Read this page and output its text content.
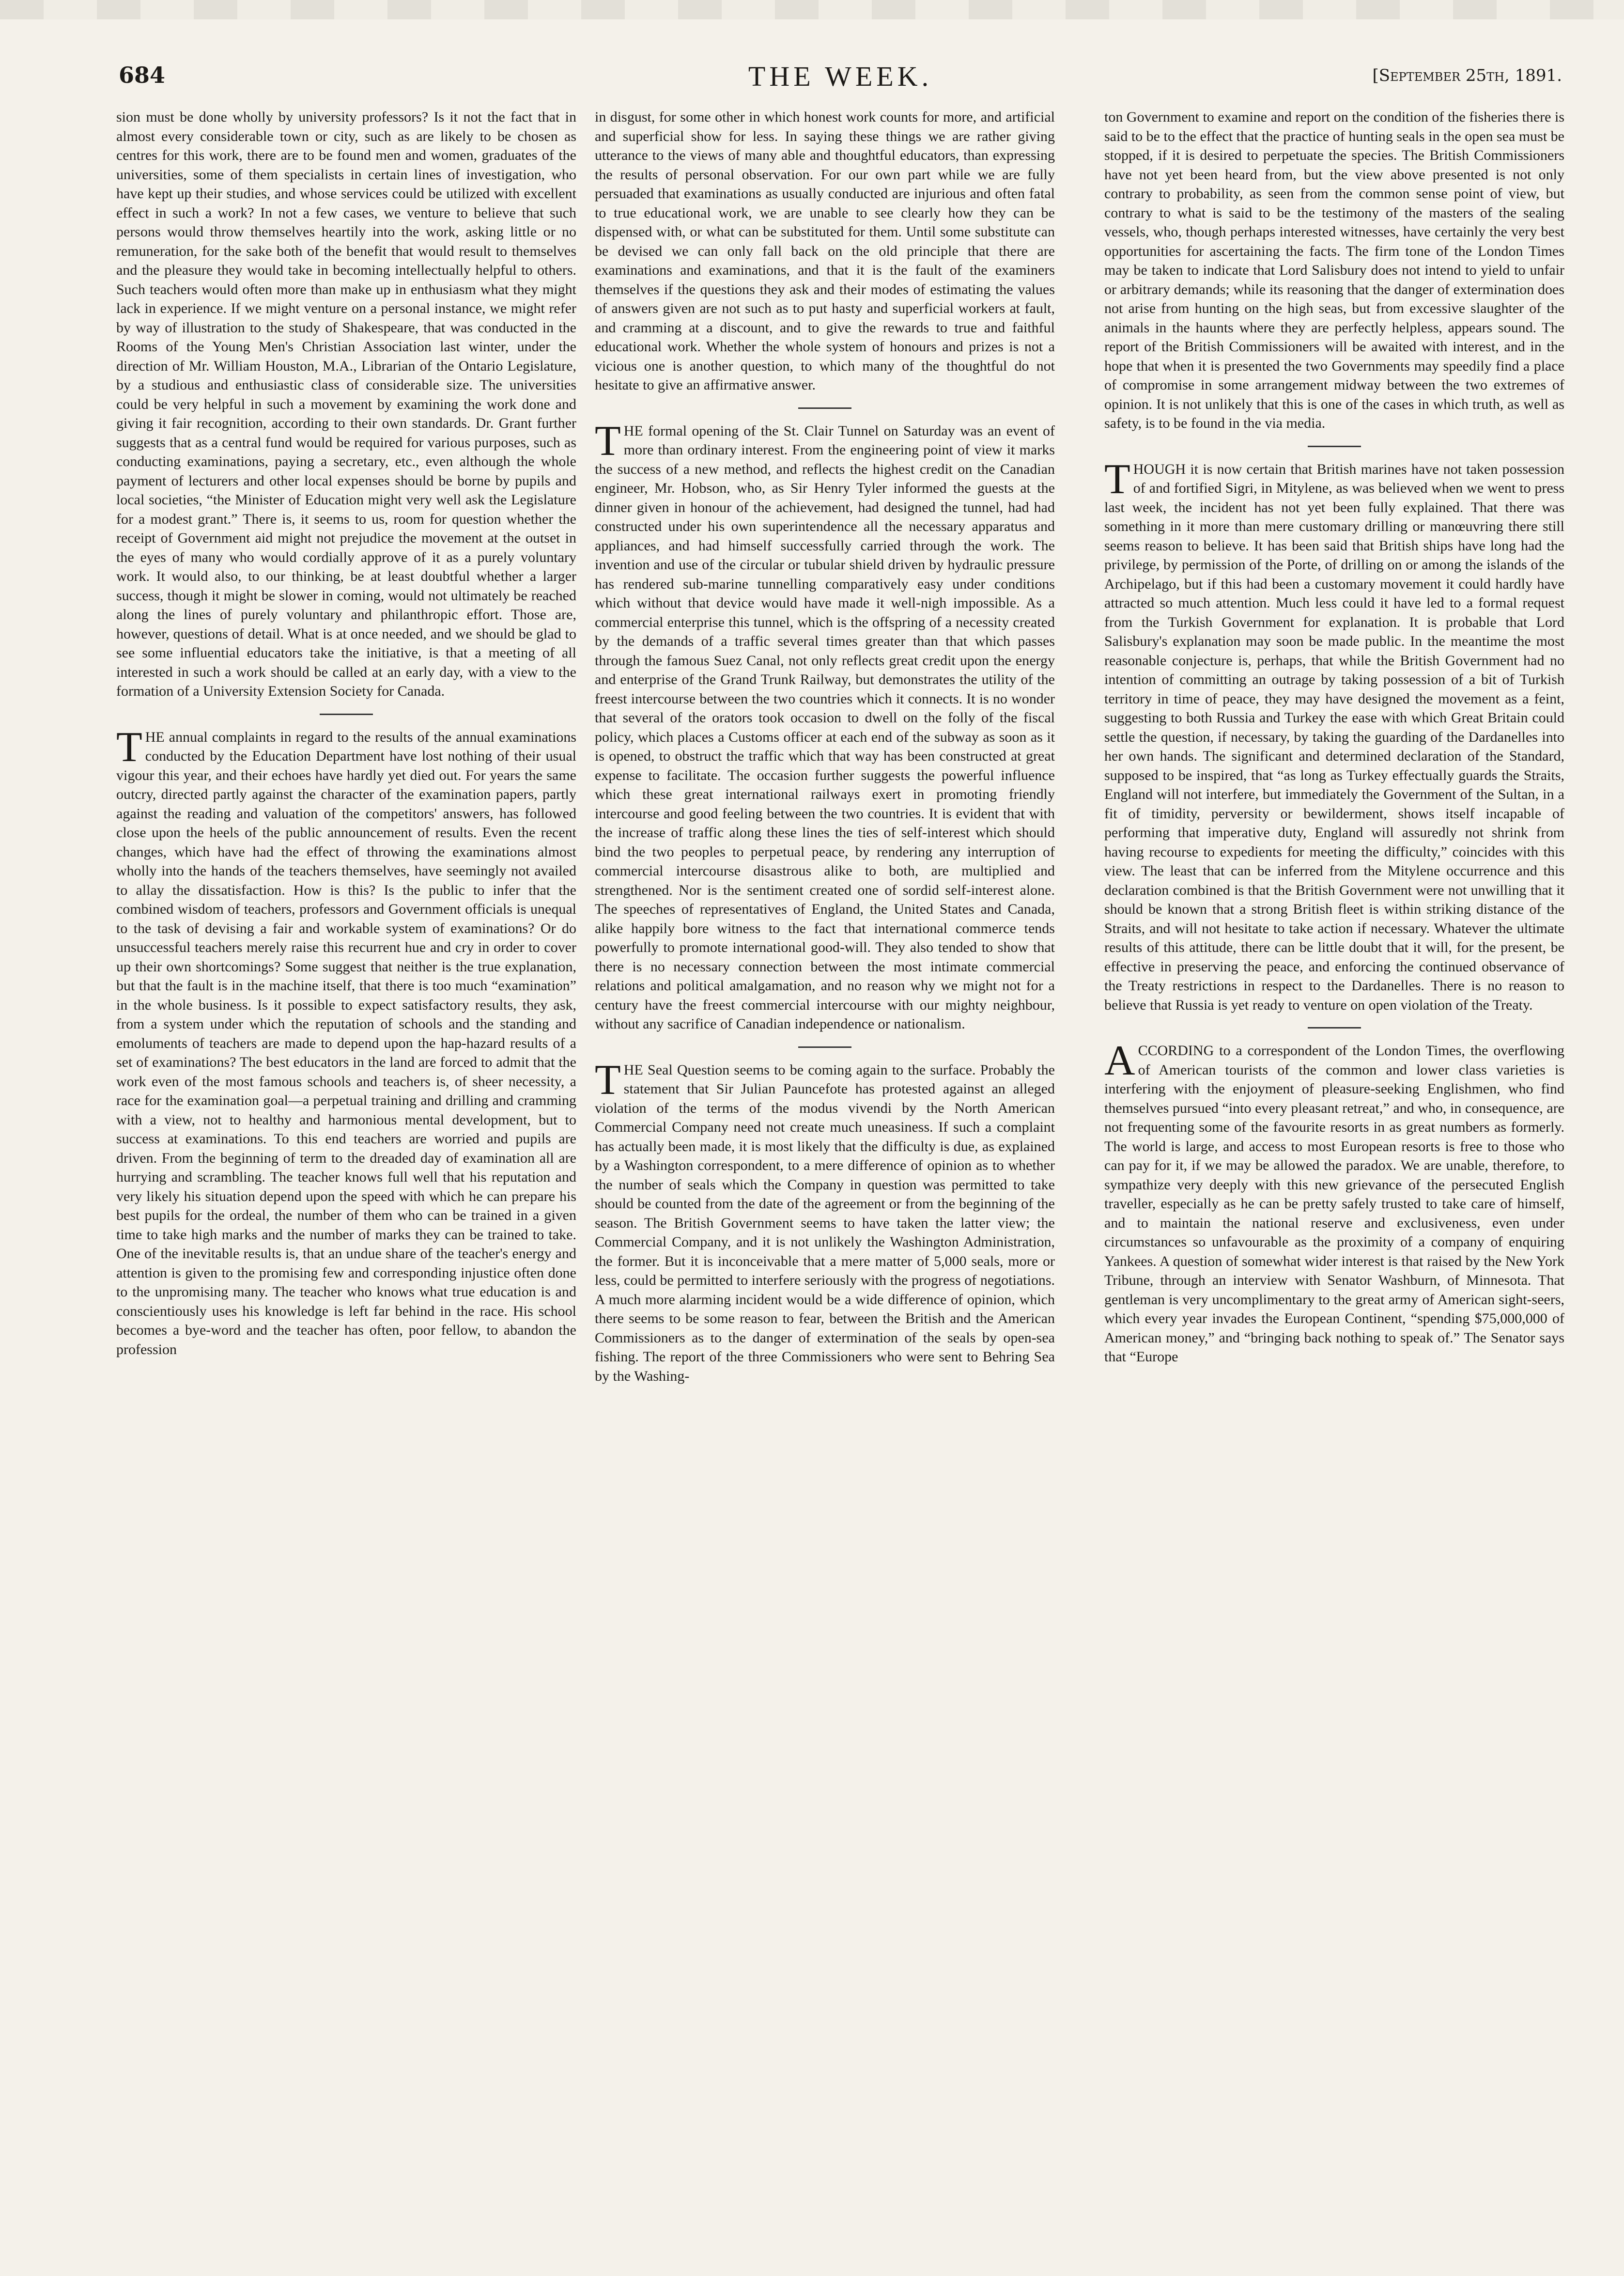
684	THE WEEK.	[September 25th, 1891.

sion must be done wholly by university professors? Is it not the fact that in almost every considerable town or city, such as are likely to be chosen as centres for this work, there are to be found men and women, graduates of the universities, some of them specialists in certain lines of investigation, who have kept up their studies, and whose services could be utilized with excellent effect in such a work? In not a few cases, we venture to believe that such persons would throw themselves heartily into the work, asking little or no remuneration, for the sake both of the benefit that would result to themselves and the pleasure they would take in becoming intellectually helpful to others. Such teachers would often more than make up in enthusiasm what they might lack in experience. If we might venture on a personal instance, we might refer by way of illustration to the study of Shakespeare, that was conducted in the Rooms of the Young Men's Christian Association last winter, under the direction of Mr. William Houston, M.A., Librarian of the Ontario Legislature, by a studious and enthusiastic class of considerable size. The universities could be very helpful in such a movement by examining the work done and giving it fair recognition, according to their own standards. Dr. Grant further suggests that as a central fund would be required for various purposes, such as conducting examinations, paying a secretary, etc., even although the whole payment of lecturers and other local expenses should be borne by pupils and local societies, “the Minister of Education might very well ask the Legislature for a modest grant.” There is, it seems to us, room for question whether the receipt of Government aid might not prejudice the movement at the outset in the eyes of many who would cordially approve of it as a purely voluntary work. It would also, to our thinking, be at least doubtful whether a larger success, though it might be slower in coming, would not ultimately be reached along the lines of purely voluntary and philanthropic effort. Those are, however, questions of detail. What is at once needed, and we should be glad to see some influential educators take the initiative, is that a meeting of all interested in such a work should be called at an early day, with a view to the formation of a University Extension Society for Canada.

THE annual complaints in regard to the results of the annual examinations conducted by the Education Department have lost nothing of their usual vigour this year, and their echoes have hardly yet died out. For years the same outcry, directed partly against the character of the examination papers, partly against the reading and valuation of the competitors' answers, has followed close upon the heels of the public announcement of results. Even the recent changes, which have had the effect of throwing the examinations almost wholly into the hands of the teachers themselves, have seemingly not availed to allay the dissatisfaction. How is this? Is the public to infer that the combined wisdom of teachers, professors and Government officials is unequal to the task of devising a fair and workable system of examinations? Or do unsuccessful teachers merely raise this recurrent hue and cry in order to cover up their own shortcomings? Some suggest that neither is the true explanation, but that the fault is in the machine itself, that there is too much “examination” in the whole business. Is it possible to expect satisfactory results, they ask, from a system under which the reputation of schools and the standing and emoluments of teachers are made to depend upon the hap-hazard results of a set of examinations? The best educators in the land are forced to admit that the work even of the most famous schools and teachers is, of sheer necessity, a race for the examination goal—a perpetual training and drilling and cramming with a view, not to healthy and harmonious mental development, but to success at examinations. To this end teachers are worried and pupils are driven. From the beginning of term to the dreaded day of examination all are hurrying and scrambling. The teacher knows full well that his reputation and very likely his situation depend upon the speed with which he can prepare his best pupils for the ordeal, the number of them who can be trained in a given time to take high marks and the number of marks they can be trained to take. One of the inevitable results is, that an undue share of the teacher's energy and attention is given to the promising few and corresponding injustice often done to the unpromising many. The teacher who knows what true education is and conscientiously uses his knowledge is left far behind in the race. His school becomes a bye-word and the teacher has often, poor fellow, to abandon the profession

in disgust, for some other in which honest work counts for more, and artificial and superficial show for less. In saying these things we are rather giving utterance to the views of many able and thoughtful educators, than expressing the results of personal observation. For our own part while we are fully persuaded that examinations as usually conducted are injurious and often fatal to true educational work, we are unable to see clearly how they can be dispensed with, or what can be substituted for them. Until some substitute can be devised we can only fall back on the old principle that there are examinations and examinations, and that it is the fault of the examiners themselves if the questions they ask and their modes of estimating the values of answers given are not such as to put hasty and superficial workers at fault, and cramming at a discount, and to give the rewards to true and faithful educational work. Whether the whole system of honours and prizes is not a vicious one is another question, to which many of the thoughtful do not hesitate to give an affirmative answer.

THE formal opening of the St. Clair Tunnel on Saturday was an event of more than ordinary interest. From the engineering point of view it marks the success of a new method, and reflects the highest credit on the Canadian engineer, Mr. Hobson, who, as Sir Henry Tyler informed the guests at the dinner given in honour of the achievement, had designed the tunnel, had had constructed under his own superintendence all the necessary apparatus and appliances, and had himself successfully carried through the work. The invention and use of the circular or tubular shield driven by hydraulic pressure has rendered sub-marine tunnelling comparatively easy under conditions which without that device would have made it well-nigh impossible. As a commercial enterprise this tunnel, which is the offspring of a necessity created by the demands of a traffic several times greater than that which passes through the famous Suez Canal, not only reflects great credit upon the energy and enterprise of the Grand Trunk Railway, but demonstrates the utility of the freest intercourse between the two countries which it connects. It is no wonder that several of the orators took occasion to dwell on the folly of the fiscal policy, which places a Customs officer at each end of the subway as soon as it is opened, to obstruct the traffic which that way has been constructed at great expense to facilitate. The occasion further suggests the powerful influence which these great international railways exert in promoting friendly intercourse and good feeling between the two countries. It is evident that with the increase of traffic along these lines the ties of self-interest which should bind the two peoples to perpetual peace, by rendering any interruption of commercial intercourse disastrous alike to both, are multiplied and strengthened. Nor is the sentiment created one of sordid self-interest alone. The speeches of representatives of England, the United States and Canada, alike happily bore witness to the fact that international commerce tends powerfully to promote international good-will. They also tended to show that there is no necessary connection between the most intimate commercial relations and political amalgamation, and no reason why we might not for a century have the freest commercial intercourse with our mighty neighbour, without any sacrifice of Canadian independence or nationalism.

THE Seal Question seems to be coming again to the surface. Probably the statement that Sir Julian Pauncefote has protested against an alleged violation of the terms of the modus vivendi by the North American Commercial Company need not create much uneasiness. If such a complaint has actually been made, it is most likely that the difficulty is due, as explained by a Washington correspondent, to a mere difference of opinion as to whether the number of seals which the Company in question was permitted to take should be counted from the date of the agreement or from the beginning of the season. The British Government seems to have taken the latter view; the Commercial Company, and it is not unlikely the Washington Administration, the former. But it is inconceivable that a mere matter of 5,000 seals, more or less, could be permitted to interfere seriously with the progress of negotiations. A much more alarming incident would be a wide difference of opinion, which there seems to be some reason to fear, between the British and the American Commissioners as to the danger of extermination of the seals by open-sea fishing. The report of the three Commissioners who were sent to Behring Sea by the Washing-

ton Government to examine and report on the condition of the fisheries there is said to be to the effect that the practice of hunting seals in the open sea must be stopped, if it is desired to perpetuate the species. The British Commissioners have not yet been heard from, but the view above presented is not only contrary to probability, as seen from the common sense point of view, but contrary to what is said to be the testimony of the masters of the sealing vessels, who, though perhaps interested witnesses, have certainly the very best opportunities for ascertaining the facts. The firm tone of the London Times may be taken to indicate that Lord Salisbury does not intend to yield to unfair or arbitrary demands; while its reasoning that the danger of extermination does not arise from hunting on the high seas, but from excessive slaughter of the animals in the haunts where they are perfectly helpless, appears sound. The report of the British Commissioners will be awaited with interest, and in the hope that when it is presented the two Governments may speedily find a place of compromise in some arrangement midway between the two extremes of opinion. It is not unlikely that this is one of the cases in which truth, as well as safety, is to be found in the via media.

THOUGH it is now certain that British marines have not taken possession of and fortified Sigri, in Mitylene, as was believed when we went to press last week, the incident has not yet been fully explained. That there was something in it more than mere customary drilling or manœuvring there still seems reason to believe. It has been said that British ships have long had the privilege, by permission of the Porte, of drilling on or among the islands of the Archipelago, but if this had been a customary movement it could hardly have attracted so much attention. Much less could it have led to a formal request from the Turkish Government for explanation. It is probable that Lord Salisbury's explanation may soon be made public. In the meantime the most reasonable conjecture is, perhaps, that while the British Government had no intention of committing an outrage by taking possession of a bit of Turkish territory in time of peace, they may have designed the movement as a feint, suggesting to both Russia and Turkey the ease with which Great Britain could settle the question, if necessary, by taking the guarding of the Dardanelles into her own hands. The significant and determined declaration of the Standard, supposed to be inspired, that “as long as Turkey effectually guards the Straits, England will not interfere, but immediately the Government of the Sultan, in a fit of timidity, perversity or bewilderment, shows itself incapable of performing that imperative duty, England will assuredly not shrink from having recourse to expedients for meeting the difficulty,” coincides with this view. The least that can be inferred from the Mitylene occurrence and this declaration combined is that the British Government were not unwilling that it should be known that a strong British fleet is within striking distance of the Straits, and will not hesitate to take action if necessary. Whatever the ultimate results of this attitude, there can be little doubt that it will, for the present, be effective in preserving the peace, and enforcing the continued observance of the Treaty restrictions in respect to the Dardanelles. There is no reason to believe that Russia is yet ready to venture on open violation of the Treaty.

ACCORDING to a correspondent of the London Times, the overflowing of American tourists of the common and lower class varieties is interfering with the enjoyment of pleasure-seeking Englishmen, who find themselves pursued “into every pleasant retreat,” and who, in consequence, are not frequenting some of the favourite resorts in as great numbers as formerly. The world is large, and access to most European resorts is free to those who can pay for it, if we may be allowed the paradox. We are unable, therefore, to sympathize very deeply with this new grievance of the persecuted English traveller, especially as he can be pretty safely trusted to take care of himself, and to maintain the national reserve and exclusiveness, even under circumstances so unfavourable as the proximity of a company of enquiring Yankees. A question of somewhat wider interest is that raised by the New York Tribune, through an interview with Senator Washburn, of Minnesota. That gentleman is very uncomplimentary to the great army of American sight-seers, which every year invades the European Continent, “spending $75,000,000 of American money,” and “bringing back nothing to speak of.” The Senator says that “Europe
